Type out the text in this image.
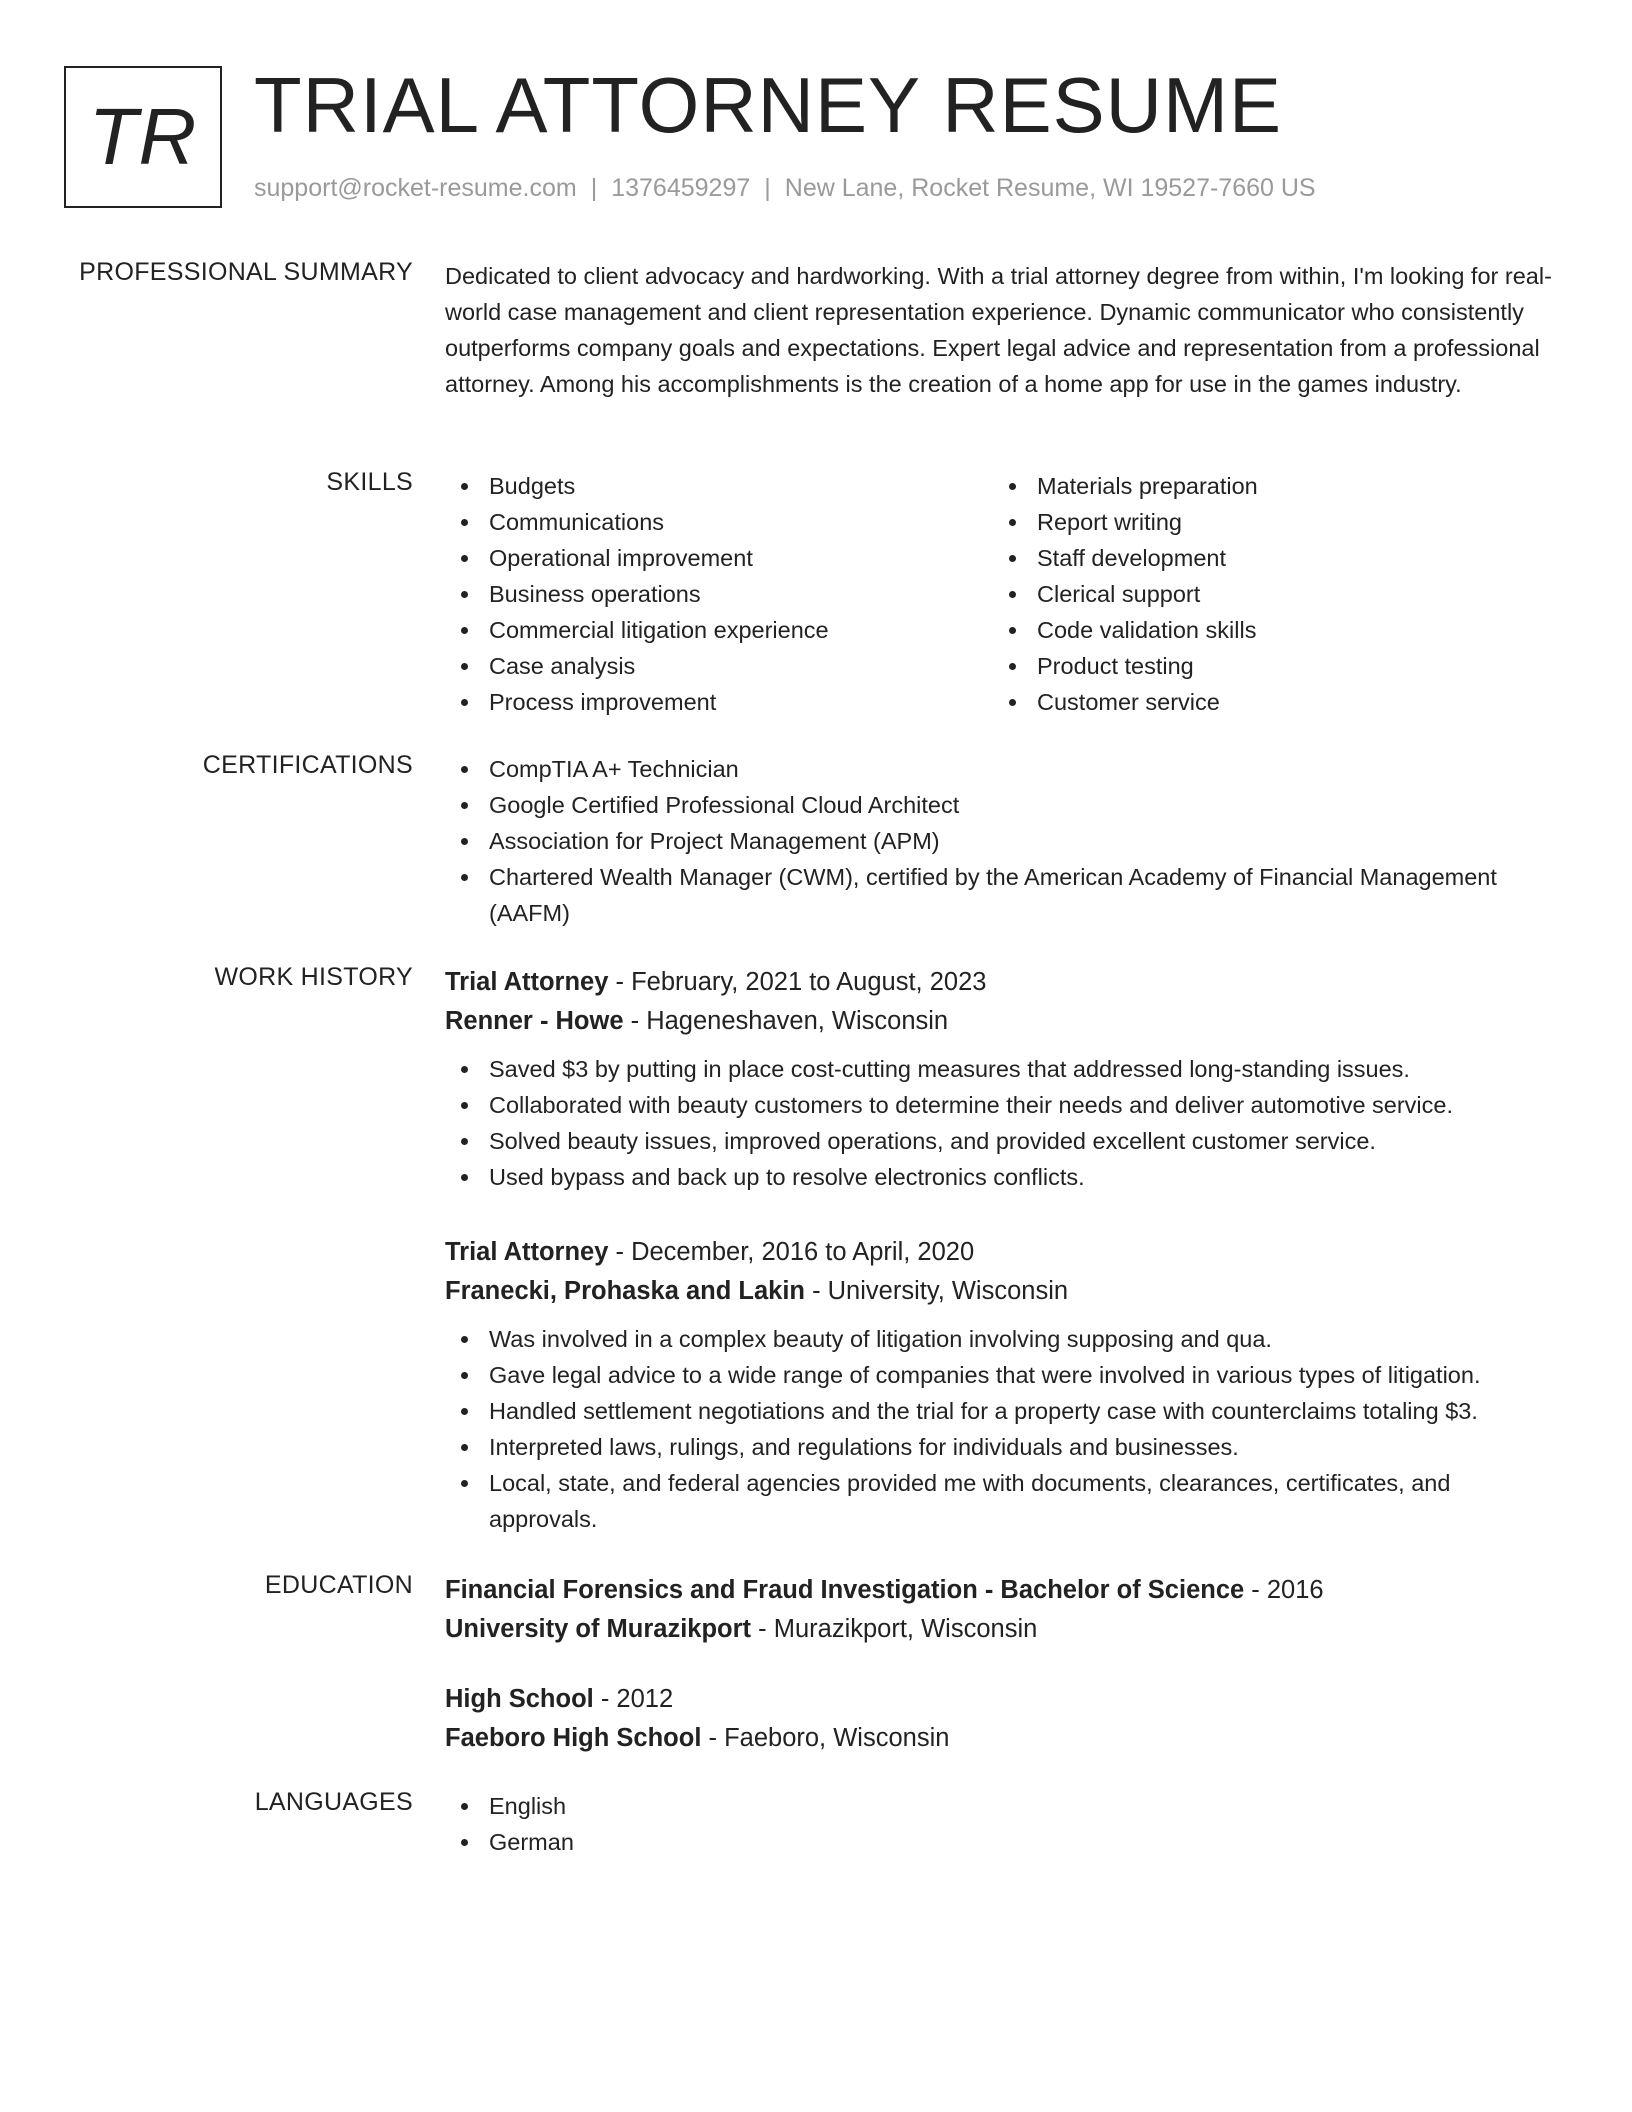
TR TRIAL ATTORNEY RESUME
support@rocket-resume.com | 1376459297 | New Lane, Rocket Resume, WI 19527-7660 US
PROFESSIONAL SUMMARY Dedicated to client advocacy and hardworking. With a trial attorney degree from within, I'm looking for real-world case management and client representation experience. Dynamic communicator who consistently outperforms company goals and expectations. Expert legal advice and representation from a professional attorney. Among his accomplishments is the creation of a home app for use in the games industry.
SKILLS	Budgets
Communications
Operational improvement
Business operations
Commercial litigation experience
Case analysis
Process improvement
Materials preparation
Report writing
Staff development
Clerical support
Code validation skills
Product testing
Customer service
CERTIFICATIONS	CompTIA A+ Technician
Google Certified Professional Cloud Architect
Association for Project Management (APM)
Chartered Wealth Manager (CWM), certified by the American Academy of Financial Management (AAFM)
WORK HISTORY Trial Attorney - February, 2021 to August, 2023
Renner - Howe - Hageneshaven, Wisconsin
Saved $3 by putting in place cost-cutting measures that addressed long-standing issues.
Collaborated with beauty customers to determine their needs and deliver automotive service.
Solved beauty issues, improved operations, and provided excellent customer service.
Used bypass and back up to resolve electronics conflicts.
Trial Attorney - December, 2016 to April, 2020
Franecki, Prohaska and Lakin - University, Wisconsin
Was involved in a complex beauty of litigation involving supposing and qua.
Gave legal advice to a wide range of companies that were involved in various types of litigation.
Handled settlement negotiations and the trial for a property case with counterclaims totaling $3.
Interpreted laws, rulings, and regulations for individuals and businesses.
Local, state, and federal agencies provided me with documents, clearances, certificates, and approvals.
EDUCATION Financial Forensics and Fraud Investigation - Bachelor of Science - 2016
University of Murazikport - Murazikport, Wisconsin
High School - 2012
Faeboro High School - Faeboro, Wisconsin
LANGUAGES	English
German
